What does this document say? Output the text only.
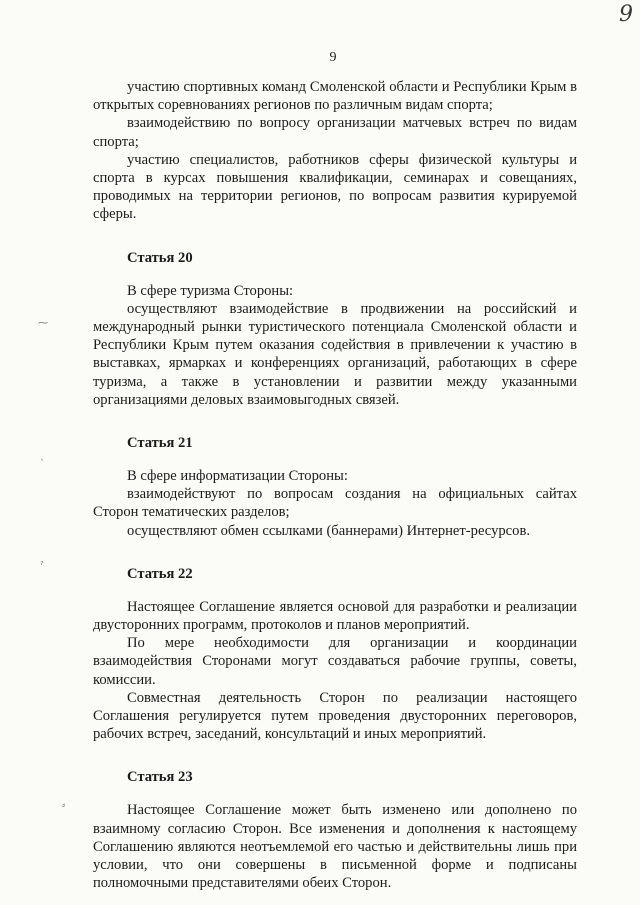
9
9
⁓
ˎ
ˀ
⸗

участию спортивных команд Смоленской области и Республики Крым в открытых соревнованиях регионов по различным видам спорта;

взаимодействию по вопросу организации матчевых встреч по видам спорта;

участию специалистов, работников сферы физической культуры и спорта в курсах повышения квалификации, семинарах и совещаниях, проводимых на территории регионов, по вопросам развития курируемой сферы.

Статья 20

В сфере туризма Стороны:

осуществляют взаимодействие в продвижении на российский и международный рынки туристического потенциала Смоленской области и Республики Крым путем оказания содействия в привлечении к участию в выставках, ярмарках и конференциях организаций, работающих в сфере туризма, а также в установлении и развитии между указанными организациями деловых взаимовыгодных связей.

Статья 21

В сфере информатизации Стороны:

взаимодействуют по вопросам создания на официальных сайтах Сторон тематических разделов;

осуществляют обмен ссылками (баннерами) Интернет-ресурсов.

Статья 22

Настоящее Соглашение является основой для разработки и реализации двусторонних программ, протоколов и планов мероприятий.

По мере необходимости для организации и координации взаимодействия Сторонами могут создаваться рабочие группы, советы, комиссии.

Совместная деятельность Сторон по реализации настоящего Соглашения регулируется путем проведения двусторонних переговоров, рабочих встреч, заседаний, консультаций и иных мероприятий.

Статья 23

Настоящее Соглашение может быть изменено или дополнено по взаимному согласию Сторон. Все изменения и дополнения к настоящему Соглашению являются неотъемлемой его частью и действительны лишь при условии, что они совершены в письменной форме и подписаны полномочными представителями обеих Сторон.
